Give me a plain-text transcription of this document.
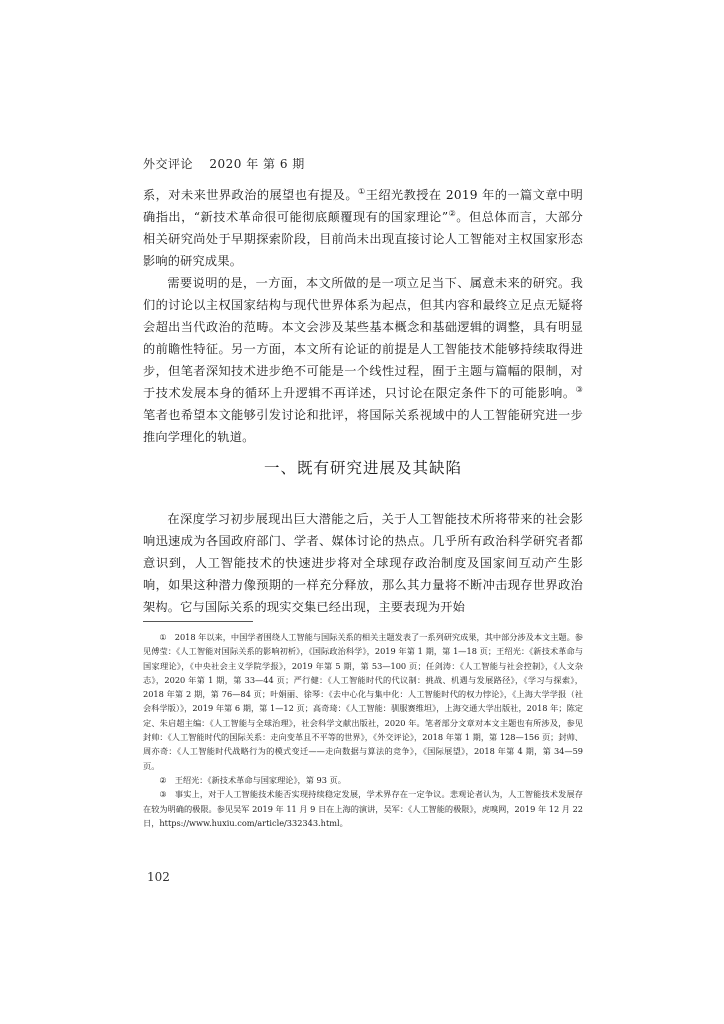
外交评论 2020 年 第 6 期

系，对未来世界政治的展望也有提及。①王绍光教授在 2019 年的一篇文章中明确指出，“新技术革命很可能彻底颠覆现有的国家理论”②。但总体而言，大部分相关研究尚处于早期探索阶段，目前尚未出现直接讨论人工智能对主权国家形态影响的研究成果。

需要说明的是，一方面，本文所做的是一项立足当下、属意未来的研究。我们的讨论以主权国家结构与现代世界体系为起点，但其内容和最终立足点无疑将会超出当代政治的范畴。本文会涉及某些基本概念和基础逻辑的调整，具有明显的前瞻性特征。另一方面，本文所有论证的前提是人工智能技术能够持续取得进步，但笔者深知技术进步绝不可能是一个线性过程，囿于主题与篇幅的限制，对于技术发展本身的循环上升逻辑不再详述，只讨论在限定条件下的可能影响。③笔者也希望本文能够引发讨论和批评，将国际关系视域中的人工智能研究进一步推向学理化的轨道。

一、既有研究进展及其缺陷

在深度学习初步展现出巨大潜能之后，关于人工智能技术所将带来的社会影响迅速成为各国政府部门、学者、媒体讨论的热点。几乎所有政治科学研究者都意识到，人工智能技术的快速进步将对全球现存政治制度及国家间互动产生影响，如果这种潜力像预期的一样充分释放，那么其力量将不断冲击现存世界政治架构。它与国际关系的现实交集已经出现，主要表现为开始

① 2018 年以来，中国学者围绕人工智能与国际关系的相关主题发表了一系列研究成果，其中部分涉及本文主题。参见傅莹：《人工智能对国际关系的影响初析》，《国际政治科学》，2019 年第 1 期，第 1—18 页；王绍光：《新技术革命与国家理论》，《中央社会主义学院学报》，2019 年第 5 期，第 53—100 页；任剑涛：《人工智能与社会控制》，《人文杂志》，2020 年第 1 期，第 33—44 页；严行健：《人工智能时代的代议制：挑战、机遇与发展路径》，《学习与探索》，2018 年第 2 期，第 76—84 页；叶娟丽、徐琴：《去中心化与集中化：人工智能时代的权力悖论》，《上海大学学报（社会科学版）》，2019 年第 6 期，第 1—12 页；高奇琦：《人工智能：驯服赛维坦》，上海交通大学出版社，2018 年；陈定定、朱启超主编：《人工智能与全球治理》，社会科学文献出版社，2020 年。笔者部分文章对本文主题也有所涉及，参见封帅：《人工智能时代的国际关系：走向变革且不平等的世界》，《外交评论》，2018 年第 1 期，第 128—156 页；封帅、周亦奇：《人工智能时代战略行为的模式变迁——走向数据与算法的竞争》，《国际展望》，2018 年第 4 期，第 34—59 页。

② 王绍光：《新技术革命与国家理论》，第 93 页。

③ 事实上，对于人工智能技术能否实现持续稳定发展，学术界存在一定争议。悲观论者认为，人工智能技术发展存在较为明确的极限。参见吴军 2019 年 11 月 9 日在上海的演讲，吴军：《人工智能的极限》，虎嗅网，2019 年 12 月 22 日，https://www.huxiu.com/article/332343.html。

102
